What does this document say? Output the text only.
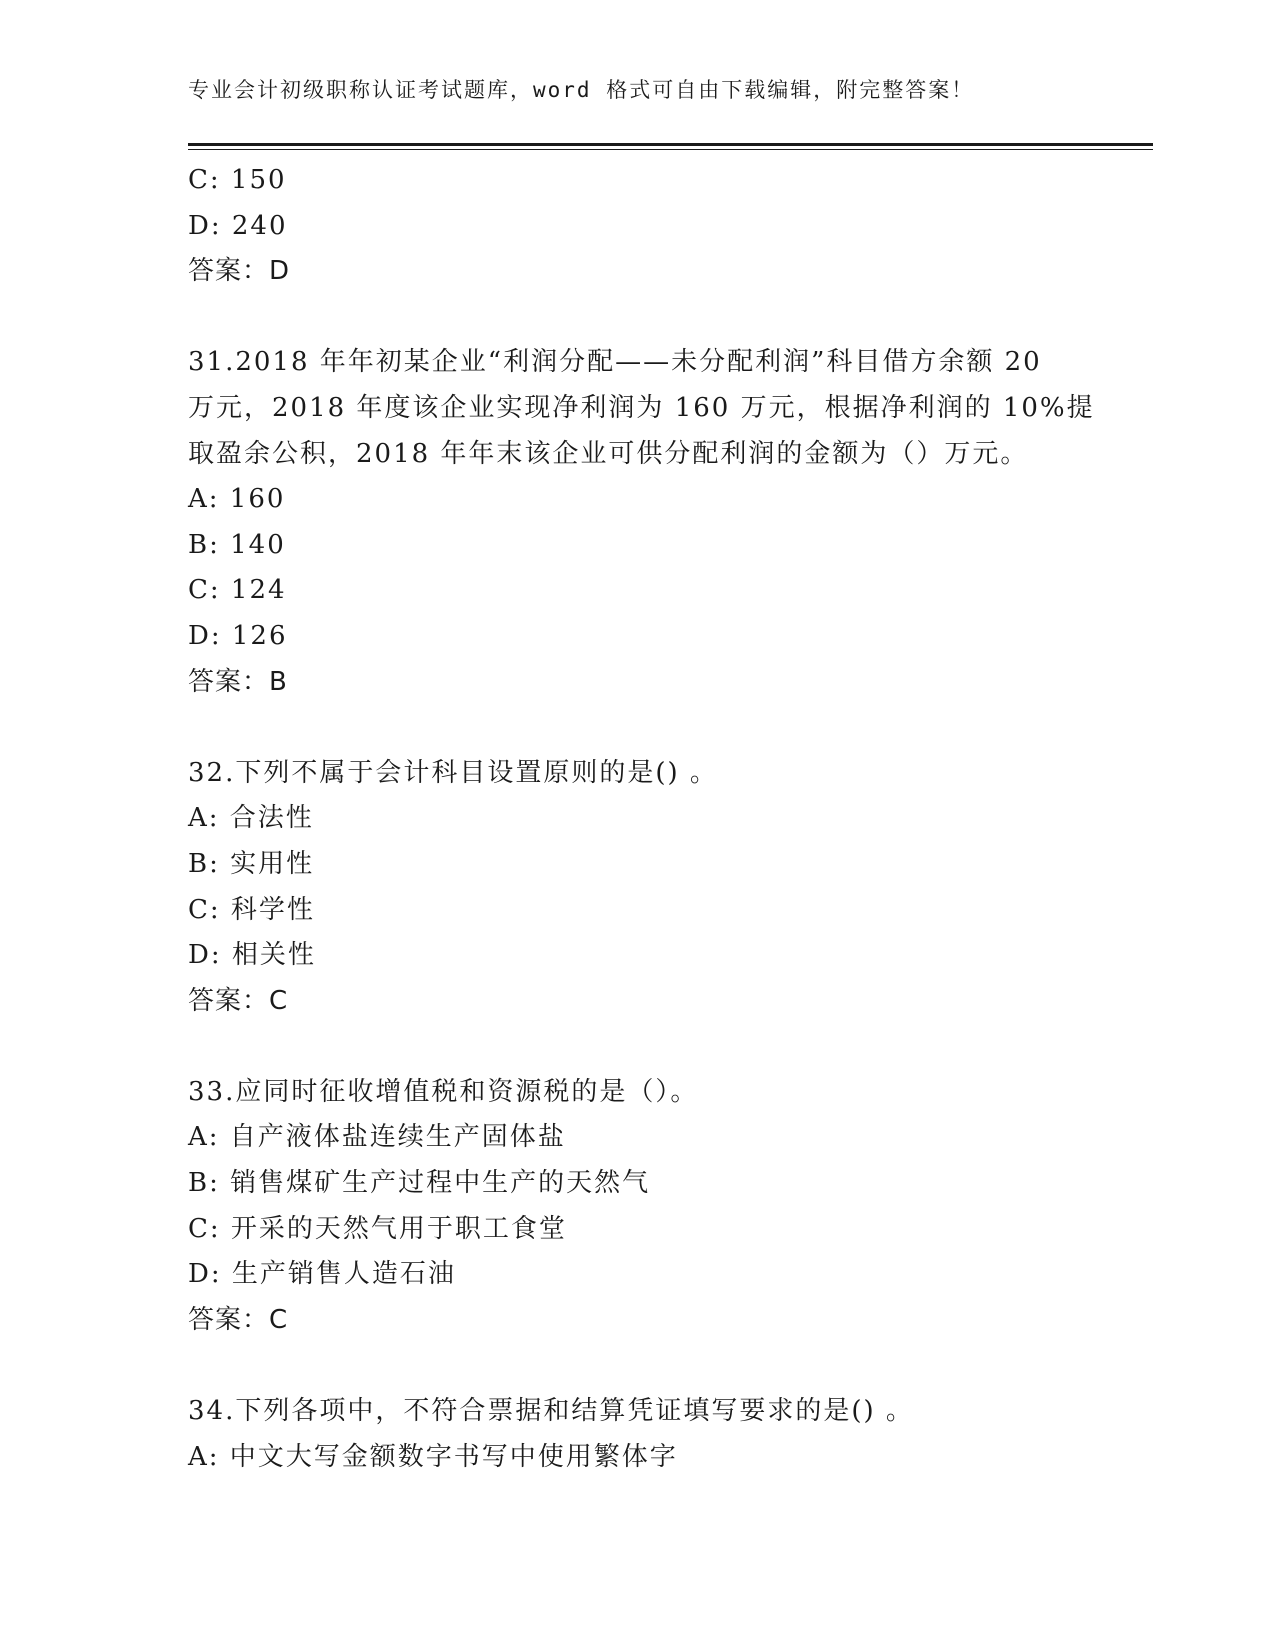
专业会计初级职称认证考试题库，word 格式可自由下载编辑，附完整答案！
C: 150
D: 240
答案：D
31.2018 年年初某企业“利润分配——未分配利润”科目借方余额 20
万元，2018 年度该企业实现净利润为 160 万元，根据净利润的 10%提
取盈余公积，2018 年年末该企业可供分配利润的金额为（）万元。
A: 160
B: 140
C: 124
D: 126
答案：B
32.下列不属于会计科目设置原则的是() 。
A: 合法性
B: 实用性
C: 科学性
D: 相关性
答案：C
33.应同时征收增值税和资源税的是（）。
A: 自产液体盐连续生产固体盐
B: 销售煤矿生产过程中生产的天然气
C: 开采的天然气用于职工食堂
D: 生产销售人造石油
答案：C
34.下列各项中，不符合票据和结算凭证填写要求的是() 。
A: 中文大写金额数字书写中使用繁体字
